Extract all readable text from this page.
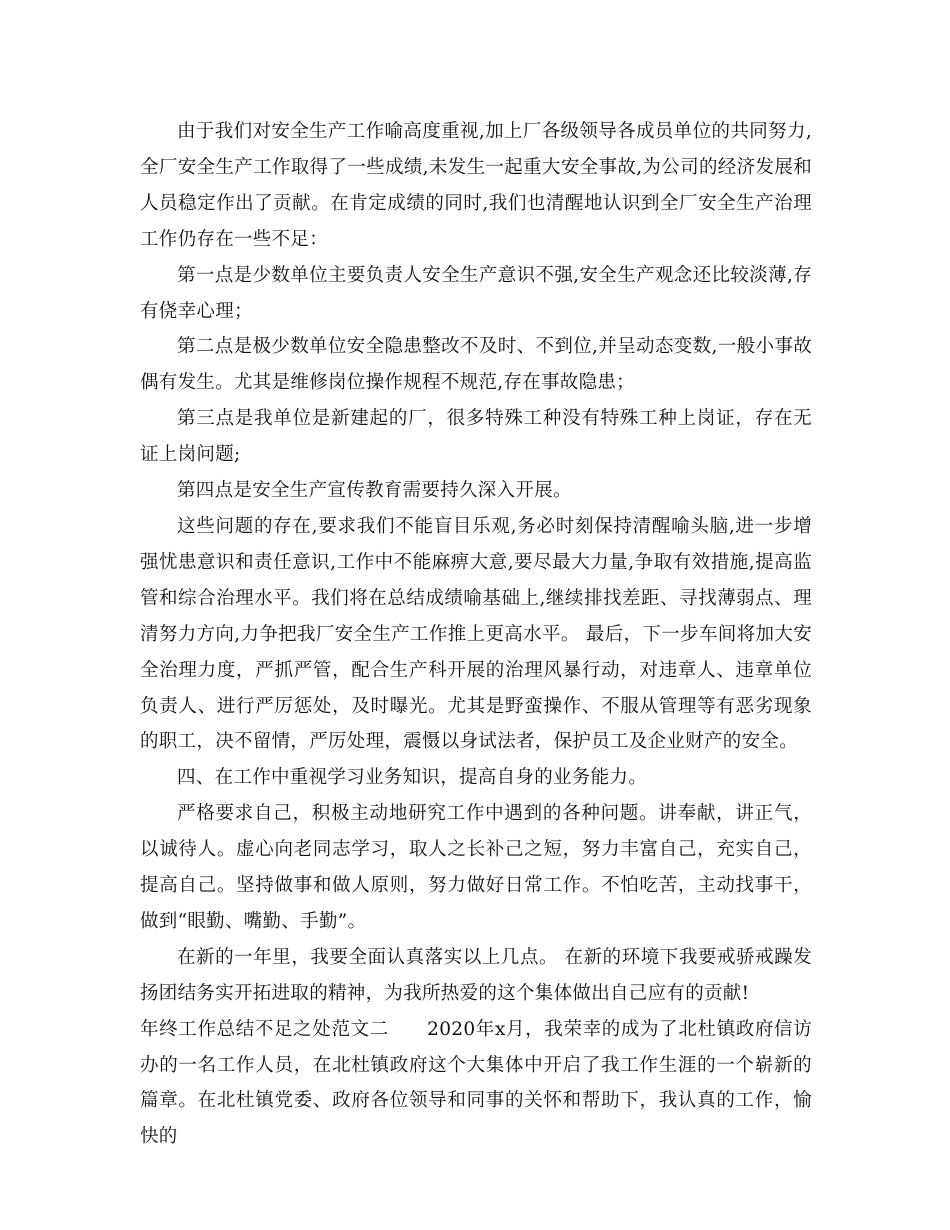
由于我们对安全生产工作喻高度重视,加上厂各级领导各成员单位的共同努力,全厂安全生产工作取得了一些成绩,未发生一起重大安全事故,为公司的经济发展和人员稳定作出了贡献。在肯定成绩的同时,我们也清醒地认识到全厂安全生产治理工作仍存在一些不足：

第一点是少数单位主要负责人安全生产意识不强,安全生产观念还比较淡薄,存有侥幸心理；

第二点是极少数单位安全隐患整改不及时、不到位,并呈动态变数,一般小事故偶有发生。尤其是维修岗位操作规程不规范,存在事故隐患；

第三点是我单位是新建起的厂，很多特殊工种没有特殊工种上岗证，存在无证上岗问题;

第四点是安全生产宣传教育需要持久深入开展。

这些问题的存在,要求我们不能盲目乐观,务必时刻保持清醒喻头脑,进一步增强忧患意识和责任意识,工作中不能麻痹大意,要尽最大力量,争取有效措施,提高监管和综合治理水平。我们将在总结成绩喻基础上,继续排找差距、寻找薄弱点、理清努力方向,力争把我厂安全生产工作推上更高水平。 最后，下一步车间将加大安全治理力度，严抓严管，配合生产科开展的治理风暴行动，对违章人、违章单位负责人、进行严厉惩处，及时曝光。尤其是野蛮操作、不服从管理等有恶劣现象的职工，决不留情，严厉处理，震慑以身试法者，保护员工及企业财产的安全。

四、在工作中重视学习业务知识，提高自身的业务能力。

严格要求自己，积极主动地研究工作中遇到的各种问题。讲奉献，讲正气，以诚待人。虚心向老同志学习，取人之长补己之短，努力丰富自己，充实自己，提高自己。坚持做事和做人原则，努力做好日常工作。不怕吃苦，主动找事干，做到“眼勤、嘴勤、手勤”。

在新的一年里，我要全面认真落实以上几点。 在新的环境下我要戒骄戒躁发扬团结务实开拓进取的精神，为我所热爱的这个集体做出自己应有的贡献!

年终工作总结不足之处范文二　　2020年x月，我荣幸的成为了北杜镇政府信访办的一名工作人员，在北杜镇政府这个大集体中开启了我工作生涯的一个崭新的篇章。在北杜镇党委、政府各位领导和同事的关怀和帮助下，我认真的工作，愉快的
